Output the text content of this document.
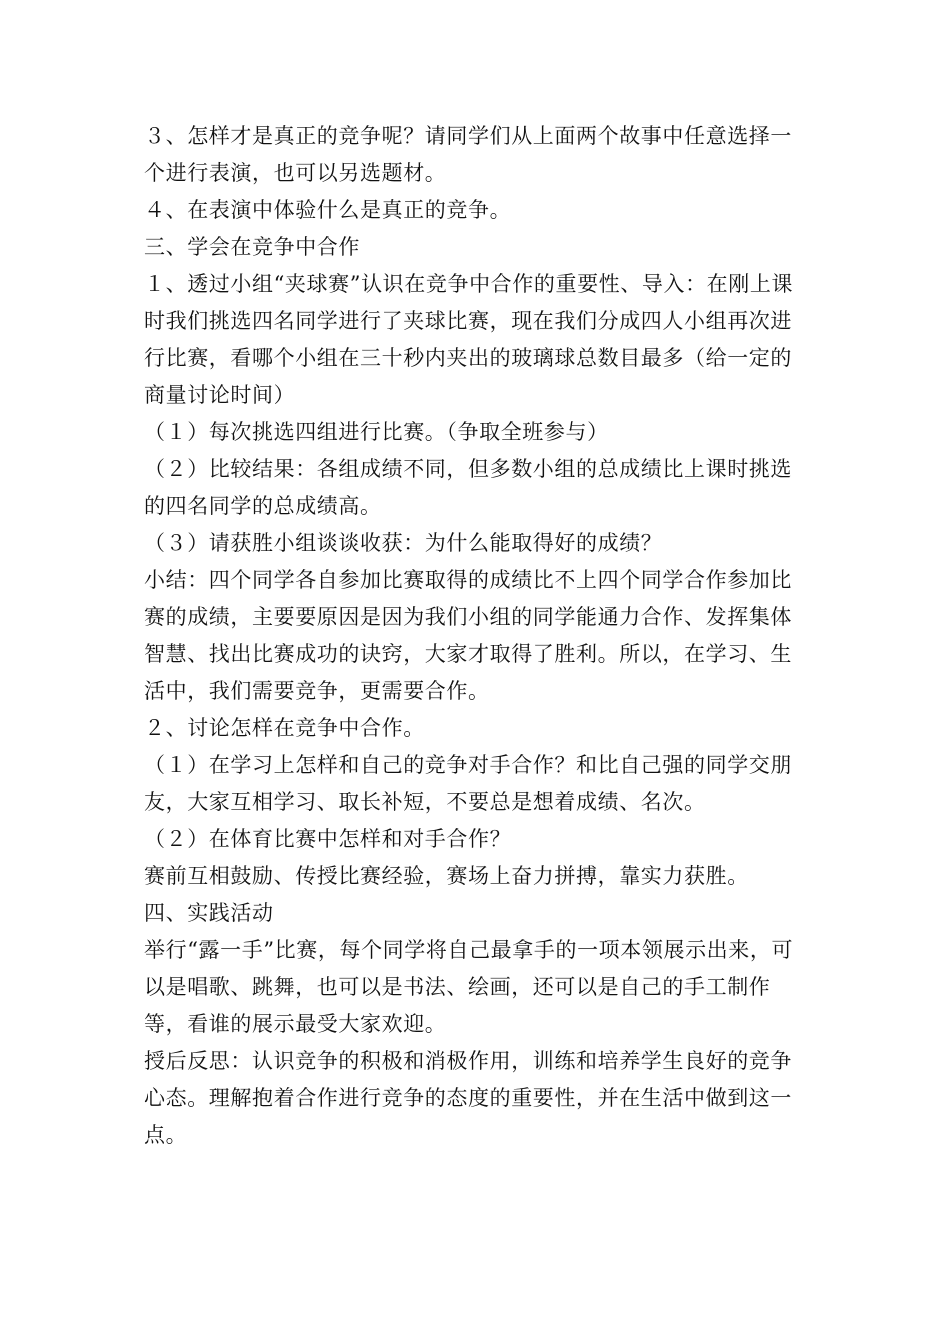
３、怎样才是真正的竞争呢？请同学们从上面两个故事中任意选择一个进行表演，也可以另选题材。

４、在表演中体验什么是真正的竞争。

三、学会在竞争中合作

１、透过小组“夹球赛”认识在竞争中合作的重要性、导入：在刚上课时我们挑选四名同学进行了夹球比赛，现在我们分成四人小组再次进行比赛，看哪个小组在三十秒内夹出的玻璃球总数目最多（给一定的商量讨论时间）

（１）每次挑选四组进行比赛。（争取全班参与）

（２）比较结果：各组成绩不同，但多数小组的总成绩比上课时挑选的四名同学的总成绩高。

（３）请获胜小组谈谈收获：为什么能取得好的成绩？

小结：四个同学各自参加比赛取得的成绩比不上四个同学合作参加比赛的成绩，主要要原因是因为我们小组的同学能通力合作、发挥集体智慧、找出比赛成功的诀窍，大家才取得了胜利。所以，在学习、生活中，我们需要竞争，更需要合作。

２、讨论怎样在竞争中合作。

（１）在学习上怎样和自己的竞争对手合作？和比自己强的同学交朋友，大家互相学习、取长补短，不要总是想着成绩、名次。

（２）在体育比赛中怎样和对手合作？

赛前互相鼓励、传授比赛经验，赛场上奋力拼搏，靠实力获胜。

四、实践活动

举行“露一手”比赛，每个同学将自己最拿手的一项本领展示出来，可以是唱歌、跳舞，也可以是书法、绘画，还可以是自己的手工制作等，看谁的展示最受大家欢迎。

授后反思：认识竞争的积极和消极作用，训练和培养学生良好的竞争心态。理解抱着合作进行竞争的态度的重要性，并在生活中做到这一点。
